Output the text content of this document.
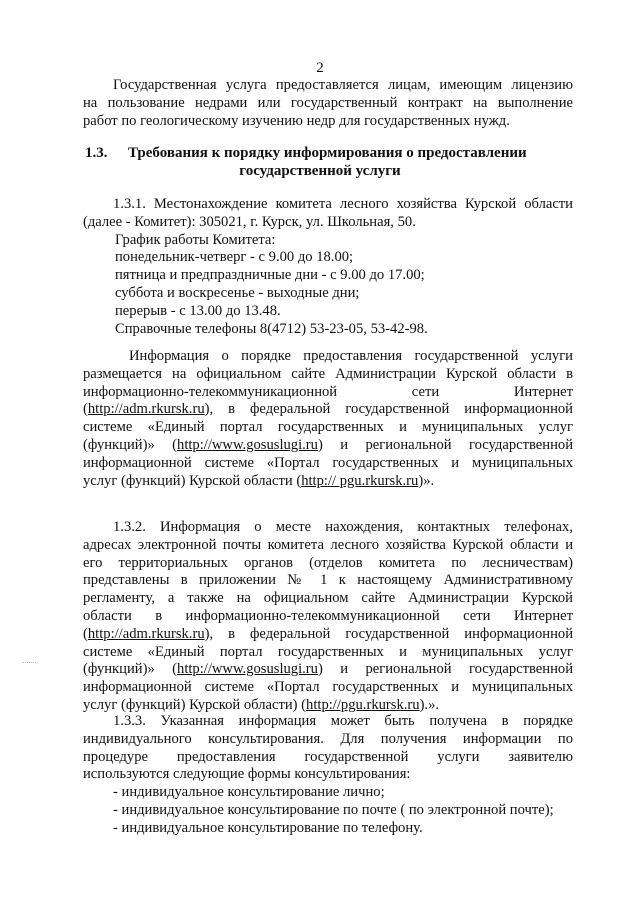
2
Государственная услуга предоставляется лицам, имеющим лицензию
на пользование недрами или государственный контракт на выполнение
работ по геологическому изучению недр для государственных нужд.
1.3. Требования к порядку информирования о предоставлении
государственной услуги
1.3.1. Местонахождение комитета лесного хозяйства Курской области
(далее - Комитет): 305021, г. Курск, ул. Школьная, 50.
График работы Комитета:
понедельник-четверг - с 9.00 до 18.00;
пятница и предпраздничные дни - с 9.00 до 17.00;
суббота и воскресенье - выходные дни;
перерыв - с 13.00 до 13.48.
Справочные телефоны 8(4712) 53-23-05, 53-42-98.
Информация о порядке предоставления государственной услуги
размещается на официальном сайте Администрации Курской области в
информационно-телекоммуникационной сети Интернет
(http://adm.rkursk.ru), в федеральной государственной информационной
системе «Единый портал государственных и муниципальных услуг
(функций)» (http://www.gosuslugi.ru) и региональной государственной
информационной системе «Портал государственных и муниципальных
услуг (функций) Курской области (http:// pgu.rkursk.ru)».
1.3.2. Информация о месте нахождения, контактных телефонах,
адресах электронной почты комитета лесного хозяйства Курской области и
его территориальных органов (отделов комитета по лесничествам)
представлены в приложении № 1 к настоящему Административному
регламенту, а также на официальном сайте Администрации Курской
области в информационно-телекоммуникационной сети Интернет
(http://adm.rkursk.ru), в федеральной государственной информационной
системе «Единый портал государственных и муниципальных услуг
(функций)» (http://www.gosuslugi.ru) и региональной государственной
информационной системе «Портал государственных и муниципальных
услуг (функций) Курской области) (http://pgu.rkursk.ru).».
1.3.3. Указанная информация может быть получена в порядке
индивидуального консультирования. Для получения информации по
процедуре предоставления государственной услуги заявителю
используются следующие формы консультирования:
- индивидуальное консультирование лично;
- индивидуальное консультирование по почте ( по электронной почте);
- индивидуальное консультирование по телефону.
